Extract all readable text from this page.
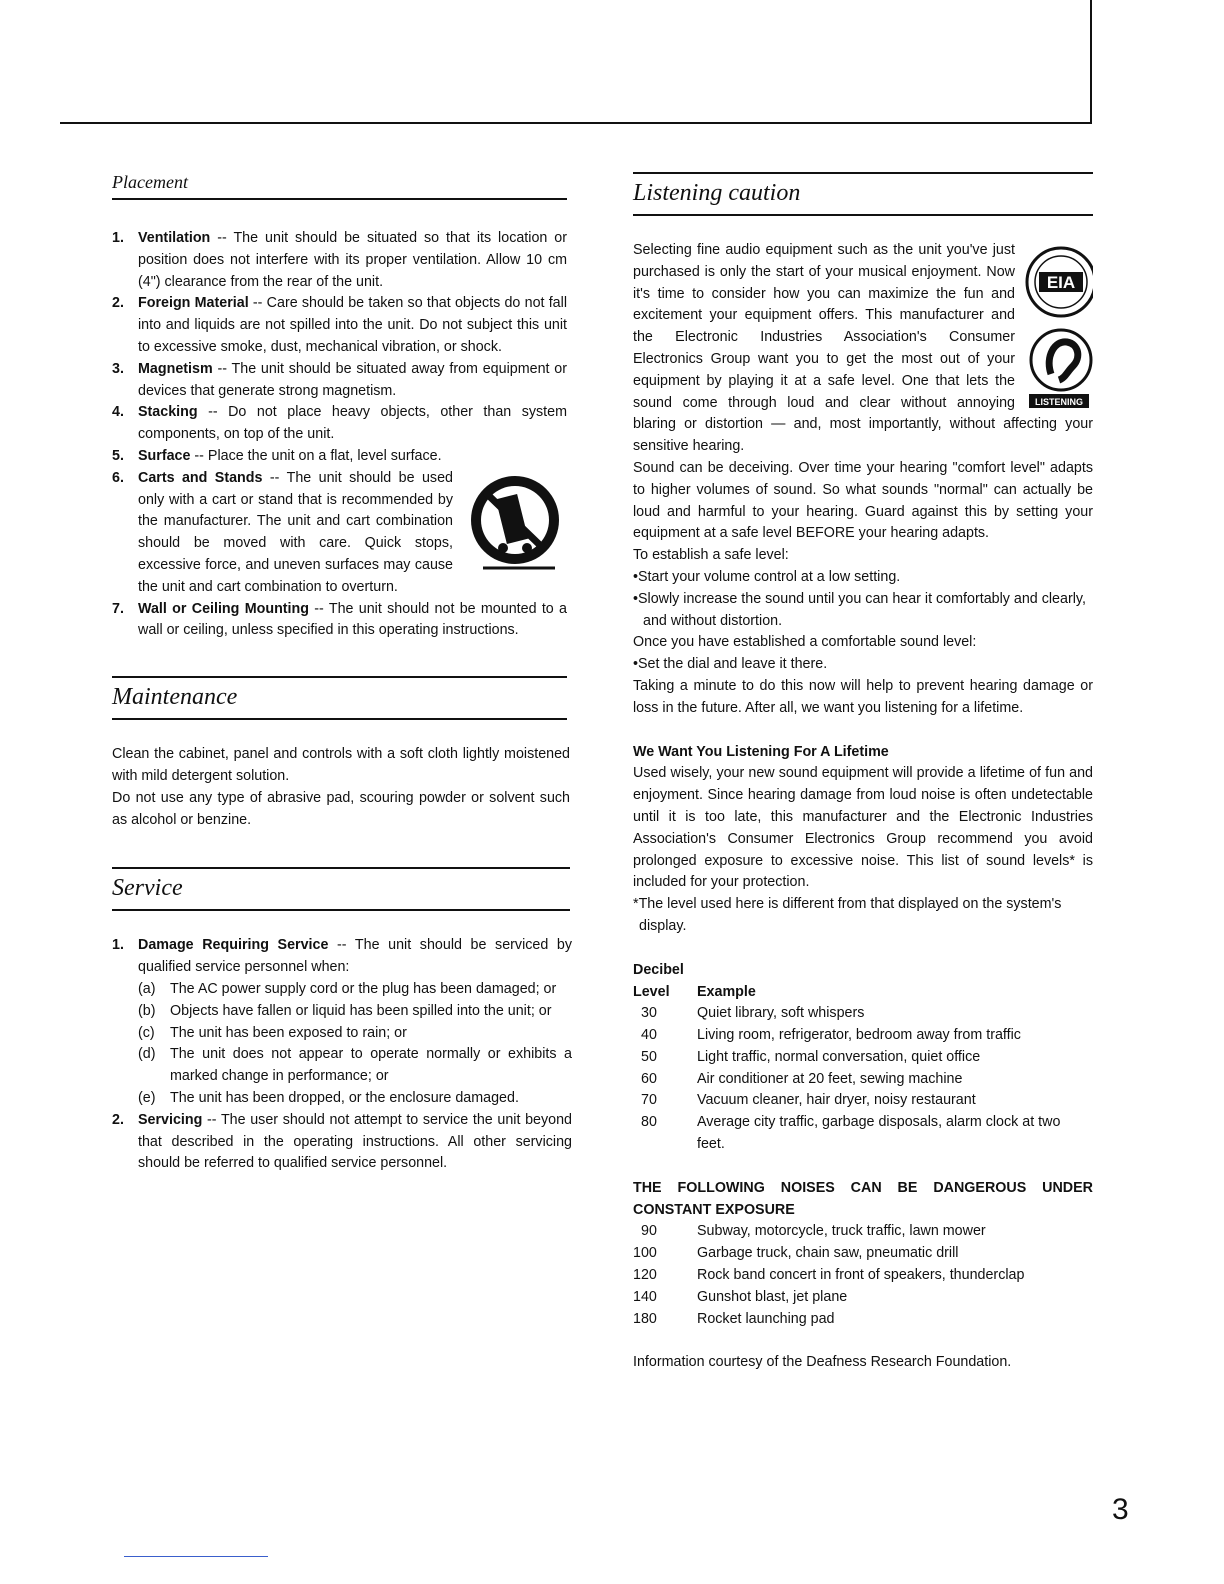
Placement
1. Ventilation -- The unit should be situated so that its location or position does not interfere with its proper ventilation. Allow 10 cm (4") clearance from the rear of the unit.
2. Foreign Material -- Care should be taken so that objects do not fall into and liquids are not spilled into the unit. Do not subject this unit to excessive smoke, dust, mechanical vibration, or shock.
3. Magnetism -- The unit should be situated away from equipment or devices that generate strong magnetism.
4. Stacking -- Do not place heavy objects, other than system components, on top of the unit.
5. Surface -- Place the unit on a flat, level surface.
6. Carts and Stands -- The unit should be used only with a cart or stand that is recommended by the manufacturer. The unit and cart combination should be moved with care. Quick stops, excessive force, and uneven surfaces may cause the unit and cart combination to overturn.
7. Wall or Ceiling Mounting -- The unit should not be mounted to a wall or ceiling, unless specified in this operating instructions.
Maintenance

Clean the cabinet, panel and controls with a soft cloth lightly moistened with mild detergent solution.

Do not use any type of abrasive pad, scouring powder or solvent such as alcohol or benzine.

Service
1. Damage Requiring Service -- The unit should be serviced by qualified service personnel when:
(a) The AC power supply cord or the plug has been damaged; or
(b) Objects have fallen or liquid has been spilled into the unit; or
(c) The unit has been exposed to rain; or
(d) The unit does not appear to operate normally or exhibits a marked change in performance; or
(e) The unit has been dropped, or the enclosure damaged.
2. Servicing -- The user should not attempt to service the unit beyond that described in the operating instructions. All other servicing should be referred to qualified service personnel.
Listening caution
EIA
LISTENING

Selecting fine audio equipment such as the unit you've just purchased is only the start of your musical enjoyment. Now it's time to consider how you can maximize the fun and excitement your equipment offers. This manufacturer and the Electronic Industries Association's Consumer Electronics Group want you to get the most out of your equipment by playing it at a safe level. One that lets the sound come through loud and clear without annoying blaring or distortion — and, most importantly, without affecting your sensitive hearing.

Sound can be deceiving. Over time your hearing "comfort level" adapts to higher volumes of sound. So what sounds "normal" can actually be loud and harmful to your hearing. Guard against this by setting your equipment at a safe level BEFORE your hearing adapts.

To establish a safe level:

•Start your volume control at a low setting.

•Slowly increase the sound until you can hear it comfortably and clearly, and without distortion.

Once you have established a comfortable sound level:

•Set the dial and leave it there.

Taking a minute to do this now will help to prevent hearing damage or loss in the future. After all, we want you listening for a lifetime.

We Want You Listening For A Lifetime

Used wisely, your new sound equipment will provide a lifetime of fun and enjoyment. Since hearing damage from loud noise is often undetectable until it is too late, this manufacturer and the Electronic Industries Association's Consumer Electronics Group recommend you avoid prolonged exposure to excessive noise. This list of sound levels* is included for your protection.

*The level used here is different from that displayed on the system's display.

Decibel

Level	Example
30	Quiet library, soft whispers
40	Living room, refrigerator, bedroom away from traffic
50	Light traffic, normal conversation, quiet office
60	Air conditioner at 20 feet, sewing machine
70	Vacuum cleaner, hair dryer, noisy restaurant
80	Average city traffic, garbage disposals, alarm clock at two feet.

THE FOLLOWING NOISES CAN BE DANGEROUS UNDER CONSTANT EXPOSURE

90	Subway, motorcycle, truck traffic, lawn mower
100	Garbage truck, chain saw, pneumatic drill
120	Rock band concert in front of speakers, thunderclap
140	Gunshot blast, jet plane
180	Rocket launching pad

Information courtesy of the Deafness Research Foundation.

3
